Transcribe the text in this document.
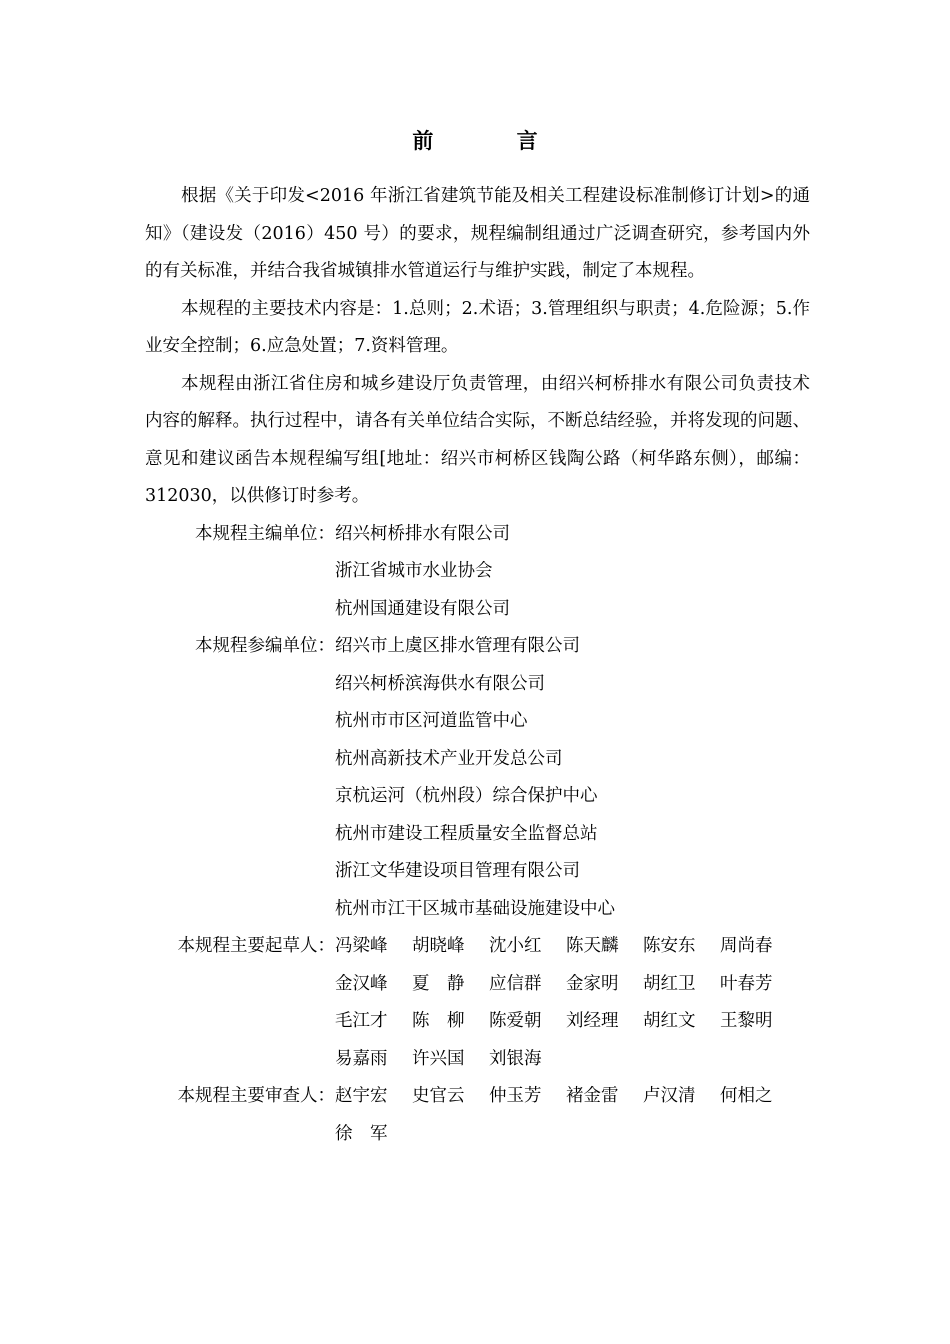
前 言

根据《关于印发<2016 年浙江省建筑节能及相关工程建设标准制修订计划>的通知》（建设发（2016）450 号）的要求，规程编制组通过广泛调查研究，参考国内外的有关标准，并结合我省城镇排水管道运行与维护实践，制定了本规程。

本规程的主要技术内容是：1.总则；2.术语；3.管理组织与职责；4.危险源；5.作业安全控制；6.应急处置；7.资料管理。

本规程由浙江省住房和城乡建设厅负责管理，由绍兴柯桥排水有限公司负责技术内容的解释。执行过程中，请各有关单位结合实际，不断总结经验，并将发现的问题、意见和建议函告本规程编写组[地址：绍兴市柯桥区钱陶公路（柯华路东侧），邮编：312030，以供修订时参考。

本规程主编单位： 绍兴柯桥排水有限公司
浙江省城市水业协会
杭州国通建设有限公司
本规程参编单位： 绍兴市上虞区排水管理有限公司
绍兴柯桥滨海供水有限公司
杭州市市区河道监管中心
杭州高新技术产业开发总公司
京杭运河（杭州段）综合保护中心
杭州市建设工程质量安全监督总站
浙江文华建设项目管理有限公司
杭州市江干区城市基础设施建设中心
本规程主要起草人： 冯梁峰	胡晓峰	沈小红	陈天麟	陈安东	周尚春
金汉峰	夏　静	应信群	金家明	胡红卫	叶春芳
毛江才	陈　柳	陈爱朝	刘经理	胡红文	王黎明
易嘉雨	许兴国	刘银海
本规程主要审查人： 赵宇宏	史官云	仲玉芳	褚金雷	卢汉清	何相之
徐　军
